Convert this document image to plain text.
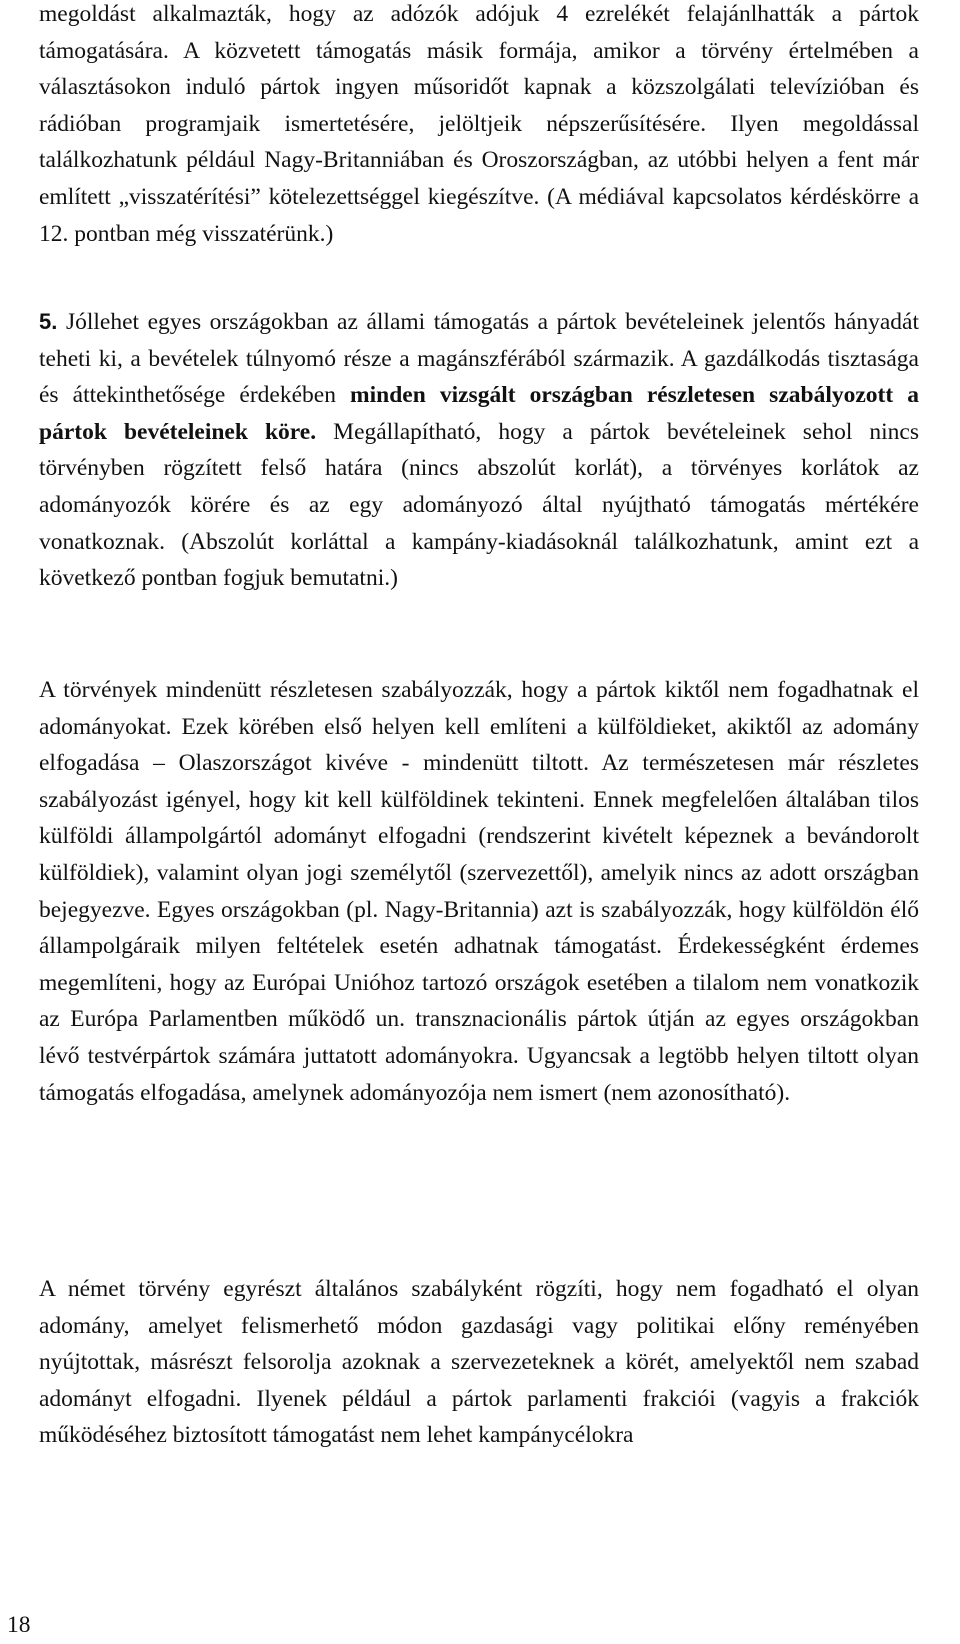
megoldást alkalmazták, hogy az adózók adójuk 4 ezrelékét felajánlhatták a pártok támogatására. A közvetett támogatás másik formája, amikor a törvény értelmében a választásokon induló pártok ingyen műsoridőt kapnak a közszolgálati televízióban és rádióban programjaik ismertetésére, jelöltjeik népszerűsítésére. Ilyen megoldással találkozhatunk például Nagy-Britanniában és Oroszországban, az utóbbi helyen a fent már említett „visszatérítési” kötelezettséggel kiegészítve. (A médiával kapcsolatos kérdéskörre a 12. pontban még visszatérünk.)

5. Jóllehet egyes országokban az állami támogatás a pártok bevételeinek jelentős hányadát teheti ki, a bevételek túlnyomó része a magánszférából származik. A gazdálkodás tisztasága és áttekinthetősége érdekében minden vizsgált országban részletesen szabályozott a pártok bevételeinek köre. Megállapítható, hogy a pártok bevételeinek sehol nincs törvényben rögzített felső határa (nincs abszolút korlát), a törvényes korlátok az adományozók körére és az egy adományozó által nyújtható támogatás mértékére vonatkoznak. (Abszolút korláttal a kampány-kiadásoknál találkozhatunk, amint ezt a következő pontban fogjuk bemutatni.)

A törvények mindenütt részletesen szabályozzák, hogy a pártok kiktől nem fogadhatnak el adományokat. Ezek körében első helyen kell említeni a külföldieket, akiktől az adomány elfogadása – Olaszországot kivéve - mindenütt tiltott. Az természetesen már részletes szabályozást igényel, hogy kit kell külföldinek tekinteni. Ennek megfelelően általában tilos külföldi állampolgártól adományt elfogadni (rendszerint kivételt képeznek a bevándorolt külföldiek), valamint olyan jogi személytől (szervezettől), amelyik nincs az adott országban bejegyezve. Egyes országokban (pl. Nagy-Britannia) azt is szabályozzák, hogy külföldön élő állampolgáraik milyen feltételek esetén adhatnak támogatást. Érdekességként érdemes megemlíteni, hogy az Európai Unióhoz tartozó országok esetében a tilalom nem vonatkozik az Európa Parlamentben működő un. transznacionális pártok útján az egyes országokban lévő testvérpártok számára juttatott adományokra. Ugyancsak a legtöbb helyen tiltott olyan támogatás elfogadása, amelynek adományozója nem ismert (nem azonosítható).

A német törvény egyrészt általános szabályként rögzíti, hogy nem fogadható el olyan adomány, amelyet felismerhető módon gazdasági vagy politikai előny reményében nyújtottak, másrészt felsorolja azoknak a szervezeteknek a körét, amelyektől nem szabad adományt elfogadni. Ilyenek például a pártok parlamenti frakciói (vagyis a frakciók működéséhez biztosított támogatást nem lehet kampánycélokra

18
